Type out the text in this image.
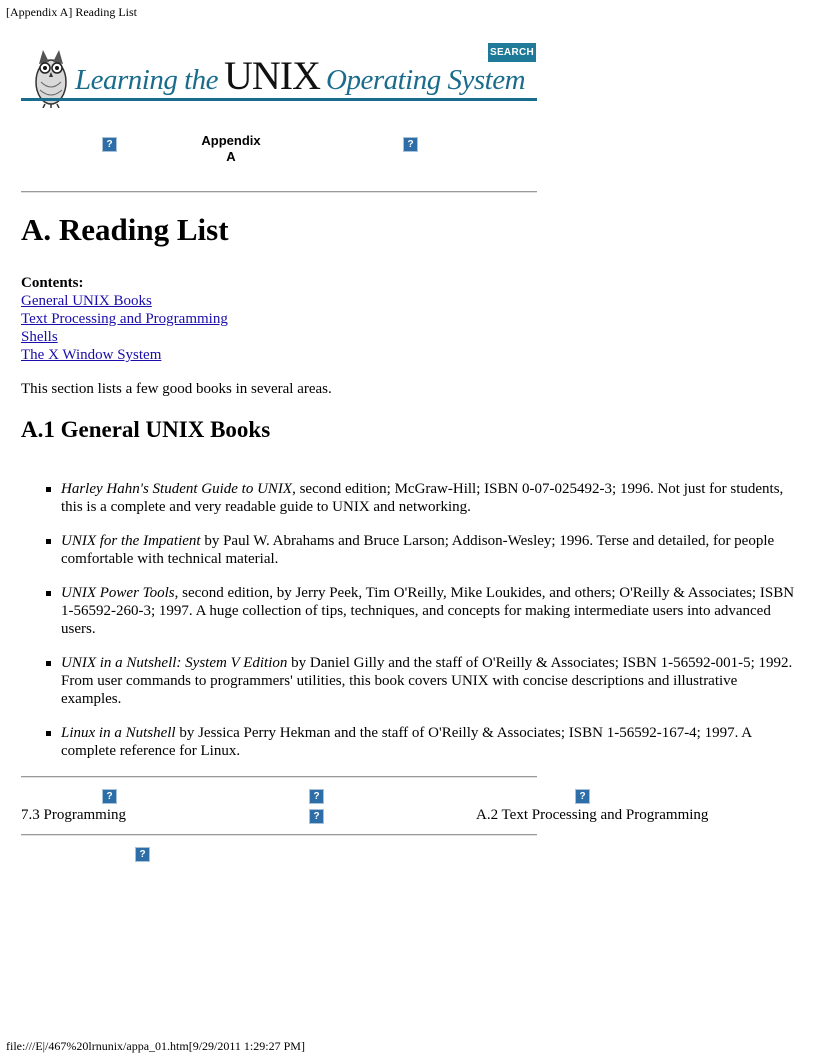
[Appendix A] Reading List
Learning the UNIX Operating System
SEARCH
?	Appendix
A
?
A. Reading List
Contents:
General UNIX Books
Text Processing and Programming
Shells
The X Window System
This section lists a few good books in several areas.
A.1 General UNIX Books
Harley Hahn's Student Guide to UNIX, second edition; McGraw-Hill; ISBN 0-07-025492-3; 1996. Not just for students, this is a complete and very readable guide to UNIX and networking.
UNIX for the Impatient by Paul W. Abrahams and Bruce Larson; Addison-Wesley; 1996. Terse and detailed, for people comfortable with technical material.
UNIX Power Tools, second edition, by Jerry Peek, Tim O'Reilly, Mike Loukides, and others; O'Reilly & Associates; ISBN 1-56592-260-3; 1997. A huge collection of tips, techniques, and concepts for making intermediate users into advanced users.
UNIX in a Nutshell: System V Edition by Daniel Gilly and the staff of O'Reilly & Associates; ISBN 1-56592-001-5; 1992. From user commands to programmers' utilities, this book covers UNIX with concise descriptions and illustrative examples.
Linux in a Nutshell by Jessica Perry Hekman and the staff of O'Reilly & Associates; ISBN 1-56592-167-4; 1997. A complete reference for Linux.
?	?	?
7.3 Programming	?	A.2 Text Processing and Programming
?
file:///E|/467%20lrnunix/appa_01.htm[9/29/2011 1:29:27 PM]
